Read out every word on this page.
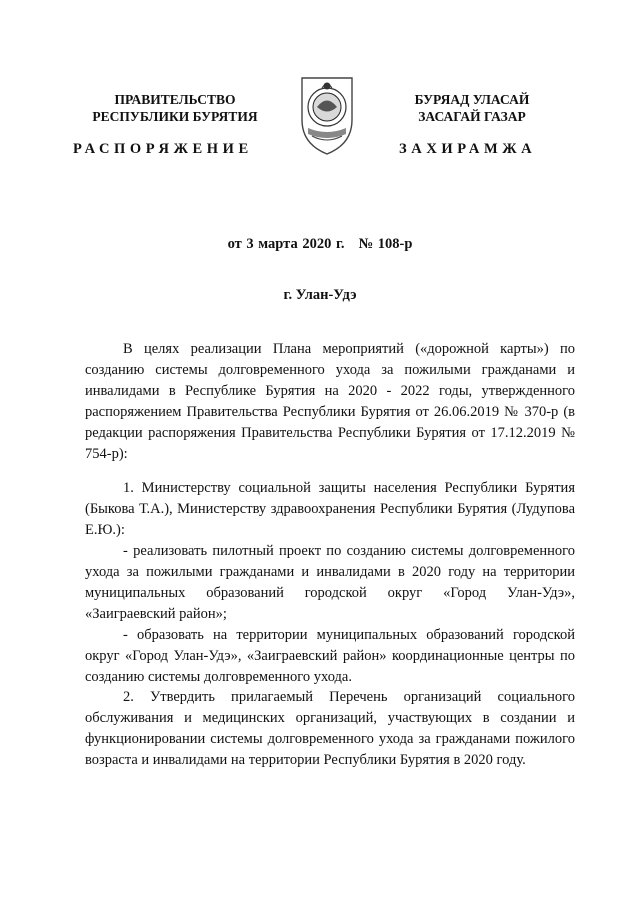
ПРАВИТЕЛЬСТВО
РЕСПУБЛИКИ БУРЯТИЯ
БУРЯАД УЛАСАЙ
ЗАСАГАЙ ГАЗАР
РАСПОРЯЖЕНИЕ	ЗАХИРАМЖА
от 3 марта 2020 г. № 108-р
г. Улан-Удэ

В целях реализации Плана мероприятий («дорожной карты») по созданию системы долговременного ухода за пожилыми гражданами и инвалидами в Республике Бурятия на 2020 - 2022 годы, утвержденного распоряжением Правительства Республики Бурятия от 26.06.2019 № 370-р (в редакции распоряжения Правительства Республики Бурятия от 17.12.2019 № 754-р):

1. Министерству социальной защиты населения Республики Бурятия (Быкова Т.А.), Министерству здравоохранения Республики Бурятия (Лудупова Е.Ю.):

- реализовать пилотный проект по созданию системы долговременного ухода за пожилыми гражданами и инвалидами в 2020 году на территории муниципальных образований городской округ «Город Улан-Удэ», «Заиграевский район»;

- образовать на территории муниципальных образований городской округ «Город Улан-Удэ», «Заиграевский район» координационные центры по созданию системы долговременного ухода.

2. Утвердить прилагаемый Перечень организаций социального обслуживания и медицинских организаций, участвующих в создании и функционировании системы долговременного ухода за гражданами пожилого возраста и инвалидами на территории Республики Бурятия в 2020 году.
